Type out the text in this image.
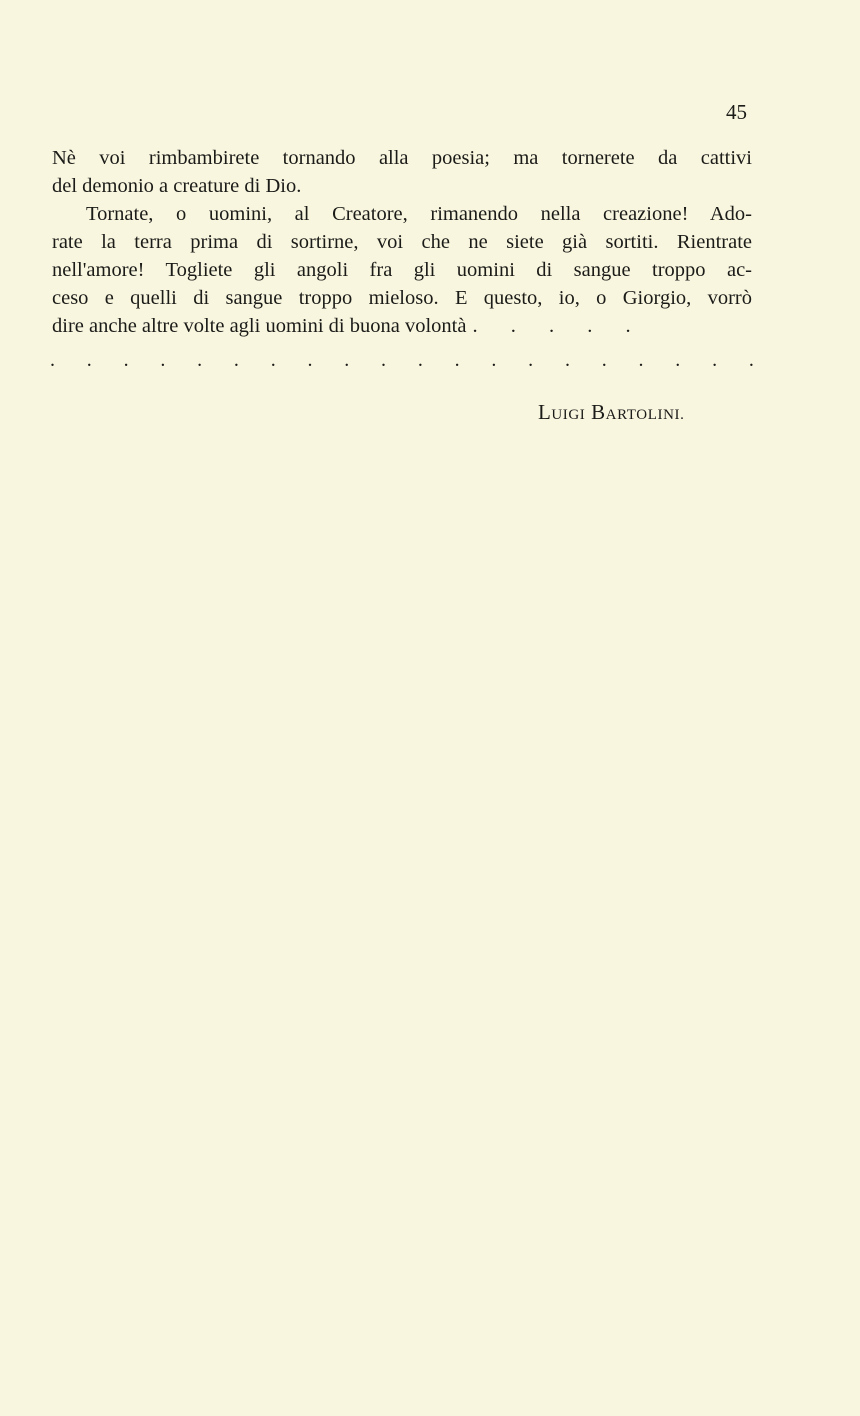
45
Nè voi rimbambirete tornando alla poesia; ma tornerete da cattivi
del demonio a creature di Dio.
Tornate, o uomini, al Creatore, rimanendo nella creazione! Ado-
rate la terra prima di sortirne, voi che ne siete già sortiti. Rientrate
nell'amore! Togliete gli angoli fra gli uomini di sangue troppo ac-
ceso e quelli di sangue troppo mieloso. E questo, io, o Giorgio, vorrò
dire anche altre volte agli uomini di buona volontà . . . . .
. . . . . . . . . . . . . . . . . . . .
LUIGI BARTOLINI.
